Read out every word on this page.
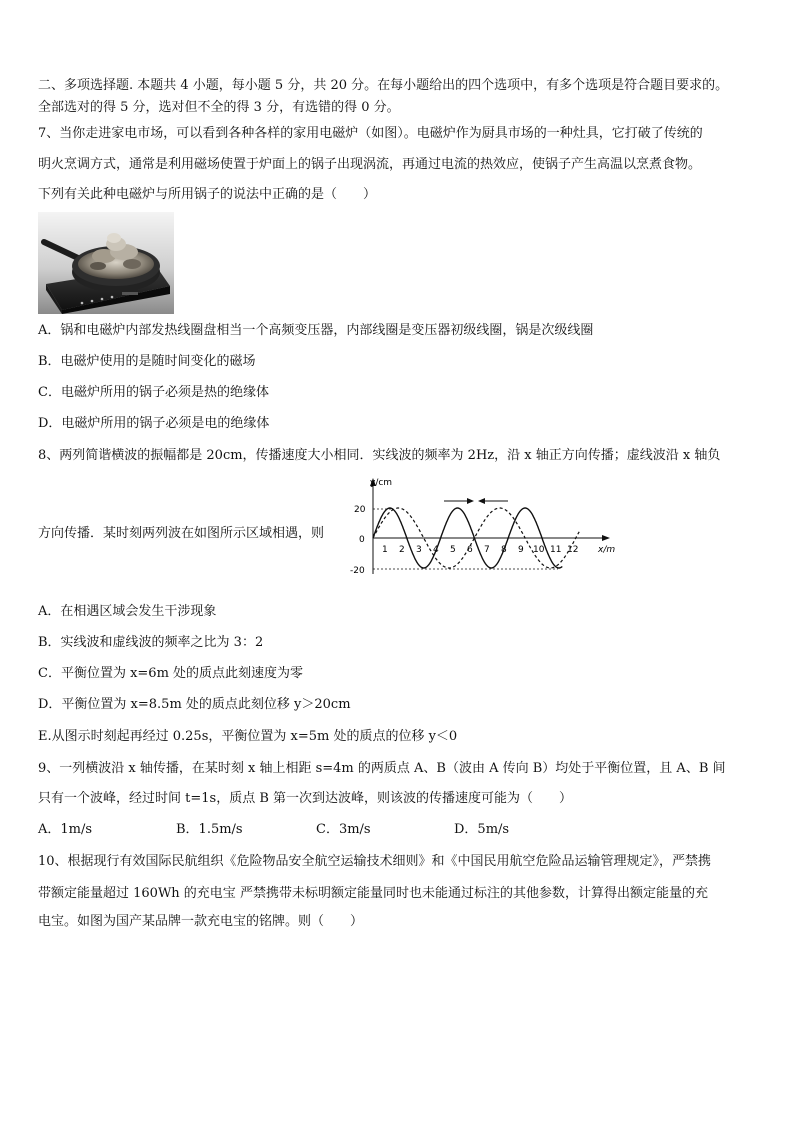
二、多项选择题. 本题共 4 小题，每小题 5 分，共 20 分。在每小题给出的四个选项中，有多个选项是符合题目要求的。
全部选对的得 5 分，选对但不全的得 3 分，有选错的得 0 分。
7、当你走进家电市场，可以看到各种各样的家用电磁炉（如图）。电磁炉作为厨具市场的一种灶具，它打破了传统的
明火烹调方式，通常是利用磁场使置于炉面上的锅子出现涡流，再通过电流的热效应，使锅子产生高温以烹煮食物。
下列有关此种电磁炉与所用锅子的说法中正确的是（　　）
A．锅和电磁炉内部发热线圈盘相当一个高频变压器，内部线圈是变压器初级线圈，锅是次级线圈
B．电磁炉使用的是随时间变化的磁场
C．电磁炉所用的锅子必须是热的绝缘体
D．电磁炉所用的锅子必须是电的绝缘体
8、两列简谐横波的振幅都是 20cm，传播速度大小相同．实线波的频率为 2Hz，沿 x 轴正方向传播；虚线波沿 x 轴负
方向传播．某时刻两列波在如图所示区域相遇，则
y/cm
x/m
20
0
-20
1 2 3 4 5 6 7 8 9 10 11 12
A．在相遇区域会发生干涉现象
B．实线波和虚线波的频率之比为 3：2
C．平衡位置为 x=6m 处的质点此刻速度为零
D．平衡位置为 x=8.5m 处的质点此刻位移 y＞20cm
E.从图示时刻起再经过 0.25s，平衡位置为 x=5m 处的质点的位移 y＜0
9、一列横波沿 x 轴传播，在某时刻 x 轴上相距 s=4m 的两质点 A、B（波由 A 传向 B）均处于平衡位置，且 A、B 间
只有一个波峰，经过时间 t=1s，质点 B 第一次到达波峰，则该波的传播速度可能为（　　）
A．1m/s	B．1.5m/s	C．3m/s	D．5m/s
10、根据现行有效国际民航组织《危险物品安全航空运输技术细则》和《中国民用航空危险品运输管理规定》，严禁携
带额定能量超过 160Wh 的充电宝 严禁携带未标明额定能量同时也未能通过标注的其他参数，计算得出额定能量的充
电宝。如图为国产某品牌一款充电宝的铭牌。则（　　）
